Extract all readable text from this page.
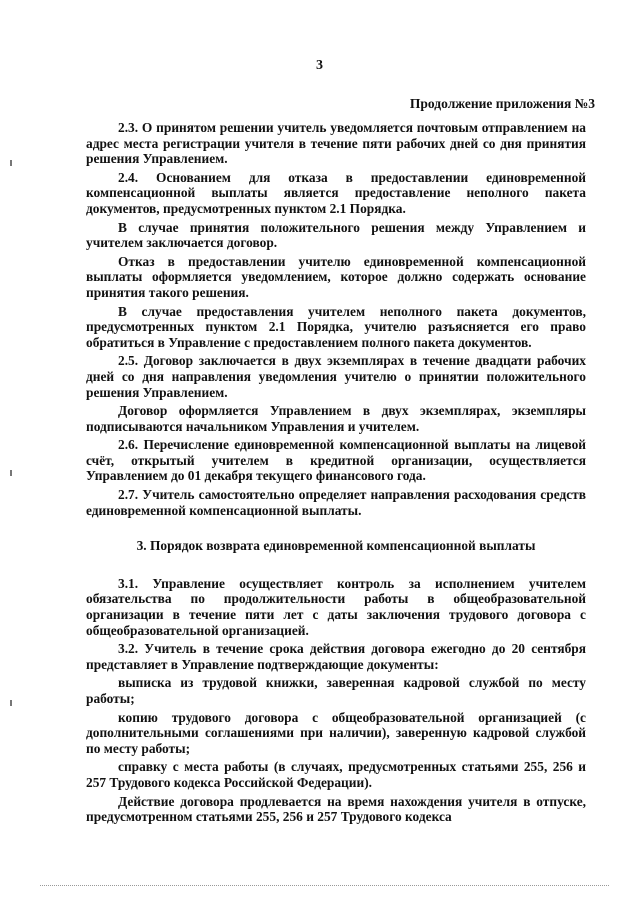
3
Продолжение приложения №3

2.3. О принятом решении учитель уведомляется почтовым отправлением на адрес места регистрации учителя в течение пяти рабочих дней со дня принятия решения Управлением.

2.4. Основанием для отказа в предоставлении единовременной компенсационной выплаты является предоставление неполного пакета документов, предусмотренных пунктом 2.1 Порядка.

В случае принятия положительного решения между Управлением и учителем заключается договор.

Отказ в предоставлении учителю единовременной компенсационной выплаты оформляется уведомлением, которое должно содержать основание принятия такого решения.

В случае предоставления учителем неполного пакета документов, предусмотренных пунктом 2.1 Порядка, учителю разъясняется его право обратиться в Управление с предоставлением полного пакета документов.

2.5. Договор заключается в двух экземплярах в течение двадцати рабочих дней со дня направления уведомления учителю о принятии положительного решения Управлением.

Договор оформляется Управлением в двух экземплярах, экземпляры подписываются начальником Управления и учителем.

2.6. Перечисление единовременной компенсационной выплаты на лицевой счёт, открытый учителем в кредитной организации, осуществляется Управлением до 01 декабря текущего финансового года.

2.7. Учитель самостоятельно определяет направления расходования средств единовременной компенсационной выплаты.

3. Порядок возврата единовременной компенсационной выплаты

3.1. Управление осуществляет контроль за исполнением учителем обязательства по продолжительности работы в общеобразовательной организации в течение пяти лет с даты заключения трудового договора с общеобразовательной организацией.

3.2. Учитель в течение срока действия договора ежегодно до 20 сентября представляет в Управление подтверждающие документы:

выписка из трудовой книжки, заверенная кадровой службой по месту работы;

копию трудового договора с общеобразовательной организацией (с дополнительными соглашениями при наличии), заверенную кадровой службой по месту работы;

справку с места работы (в случаях, предусмотренных статьями 255, 256 и 257 Трудового кодекса Российской Федерации).

Действие договора продлевается на время нахождения учителя в отпуске, предусмотренном статьями 255, 256 и 257 Трудового кодекса
